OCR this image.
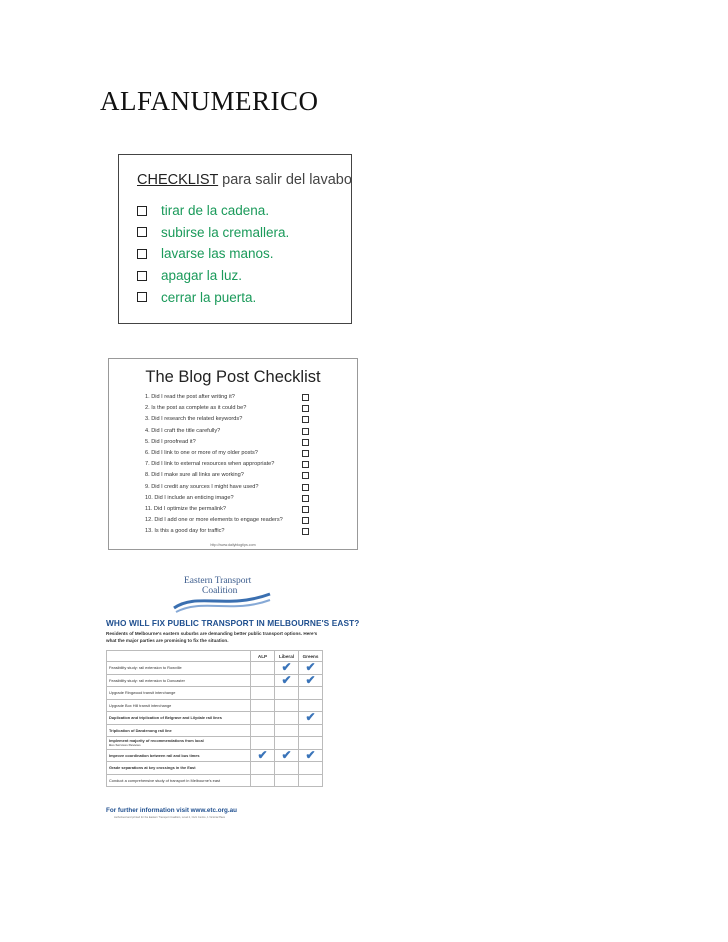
ALFANUMERICO
CHECKLIST para salir del lavabo
tirar de la cadena.
subirse la cremallera.
lavarse las manos.
apagar la luz.
cerrar la puerta.
The Blog Post Checklist
1. Did I read the post after writing it?
2. Is the post as complete as it could be?
3. Did I research the related keywords?
4. Did I craft the title carefully?
5. Did I proofread it?
6. Did I link to one or more of my older posts?
7. Did I link to external resources when appropriate?
8. Did I make sure all links are working?
9. Did I credit any sources I might have used?
10. Did I include an enticing image?
11. Did I optimize the permalink?
12. Did I add one or more elements to engage readers?
13. Is this a good day for traffic?
http://www.dailyblogtips.com
Eastern Transport
Coalition
WHO WILL FIX PUBLIC TRANSPORT IN MELBOURNE'S EAST?
Residents of Melbourne's eastern suburbs are demanding better public transport options. Here's what the major parties are promising to fix the situation.
	ALP	Liberal	Greens
Feasibility study: rail extension to Rowville		✔	✔
Feasibility study: rail extension to Doncaster		✔	✔
Upgrade Ringwood transit interchange			
Upgrade Box Hill transit interchange			
Duplication and triplication of Belgrave and Lilydale rail lines			✔
Triplication of Dandenong rail line			
Implement majority of recommendations from local
Bus Services Reviews			

Improve coordination between rail and bus times	✔	✔	✔
Grade separations at key crossings in the East			
Conduct a comprehensive study of transport in Melbourne's east			
For further information visit www.etc.org.au
Authorised and printed for the Eastern Transport Coalition, Level 2, Civic Centre, 1 Victoria Place
